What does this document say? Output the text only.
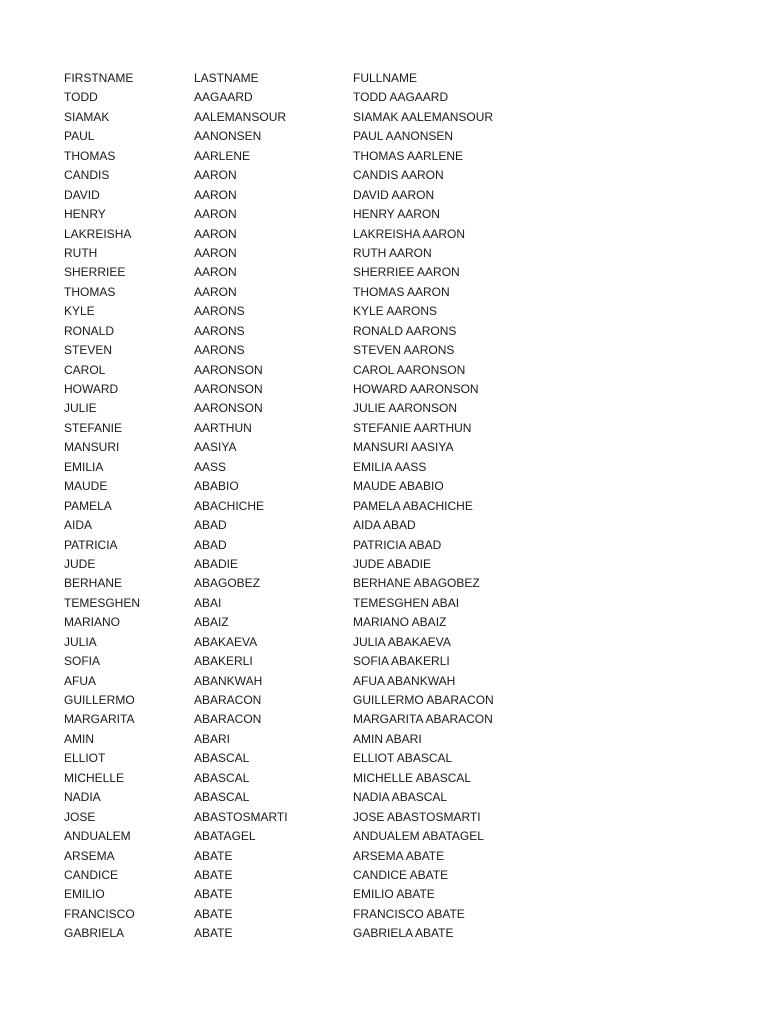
FIRSTNAME	LASTNAME	FULLNAME
TODD	AAGAARD	TODD AAGAARD
SIAMAK	AALEMANSOUR	SIAMAK AALEMANSOUR
PAUL	AANONSEN	PAUL AANONSEN
THOMAS	AARLENE	THOMAS AARLENE
CANDIS	AARON	CANDIS AARON
DAVID	AARON	DAVID AARON
HENRY	AARON	HENRY AARON
LAKREISHA	AARON	LAKREISHA AARON
RUTH	AARON	RUTH AARON
SHERRIEE	AARON	SHERRIEE AARON
THOMAS	AARON	THOMAS AARON
KYLE	AARONS	KYLE AARONS
RONALD	AARONS	RONALD AARONS
STEVEN	AARONS	STEVEN AARONS
CAROL	AARONSON	CAROL AARONSON
HOWARD	AARONSON	HOWARD AARONSON
JULIE	AARONSON	JULIE AARONSON
STEFANIE	AARTHUN	STEFANIE AARTHUN
MANSURI	AASIYA	MANSURI AASIYA
EMILIA	AASS	EMILIA AASS
MAUDE	ABABIO	MAUDE ABABIO
PAMELA	ABACHICHE	PAMELA ABACHICHE
AIDA	ABAD	AIDA ABAD
PATRICIA	ABAD	PATRICIA ABAD
JUDE	ABADIE	JUDE ABADIE
BERHANE	ABAGOBEZ	BERHANE ABAGOBEZ
TEMESGHEN	ABAI	TEMESGHEN ABAI
MARIANO	ABAIZ	MARIANO ABAIZ
JULIA	ABAKAEVA	JULIA ABAKAEVA
SOFIA	ABAKERLI	SOFIA ABAKERLI
AFUA	ABANKWAH	AFUA ABANKWAH
GUILLERMO	ABARACON	GUILLERMO ABARACON
MARGARITA	ABARACON	MARGARITA ABARACON
AMIN	ABARI	AMIN ABARI
ELLIOT	ABASCAL	ELLIOT ABASCAL
MICHELLE	ABASCAL	MICHELLE ABASCAL
NADIA	ABASCAL	NADIA ABASCAL
JOSE	ABASTOSMARTI	JOSE ABASTOSMARTI
ANDUALEM	ABATAGEL	ANDUALEM ABATAGEL
ARSEMA	ABATE	ARSEMA ABATE
CANDICE	ABATE	CANDICE ABATE
EMILIO	ABATE	EMILIO ABATE
FRANCISCO	ABATE	FRANCISCO ABATE
GABRIELA	ABATE	GABRIELA ABATE
